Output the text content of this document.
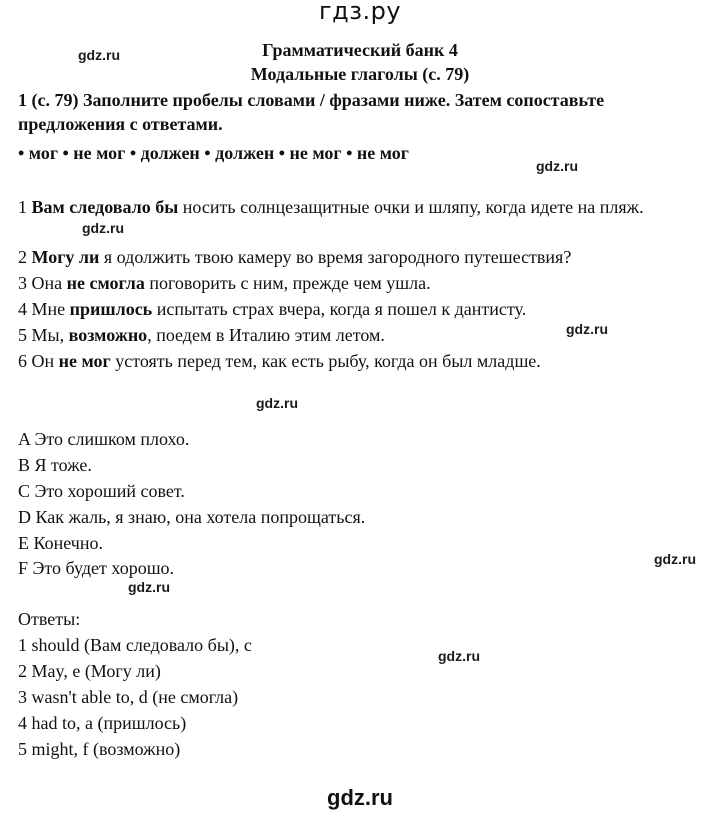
гдз.ру
gdz.ru
gdz.ru
gdz.ru
gdz.ru
gdz.ru
gdz.ru
gdz.ru
gdz.ru
Грамматический банк 4
Модальные глаголы (с. 79)
1 (с. 79) Заполните пробелы словами / фразами ниже. Затем сопоставьте предложения с ответами.
• мог • не мог • должен • должен • не мог • не мог
1 Вам следовало бы носить солнцезащитные очки и шляпу, когда идете на пляж.
2 Могу ли я одолжить твою камеру во время загородного путешествия?
3 Она не смогла поговорить с ним, прежде чем ушла.
4 Мне пришлось испытать страх вчера, когда я пошел к дантисту.
5 Мы, возможно, поедем в Италию этим летом.
6 Он не мог устоять перед тем, как есть рыбу, когда он был младше.
A Это слишком плохо.
B Я тоже.
C Это хороший совет.
D Как жаль, я знаю, она хотела попрощаться.
E Конечно.
F Это будет хорошо.
Ответы:
1 should (Вам следовало бы), c
2 May, e (Могу ли)
3 wasn't able to, d (не смогла)
4 had to, a (пришлось)
5 might, f (возможно)
gdz.ru
